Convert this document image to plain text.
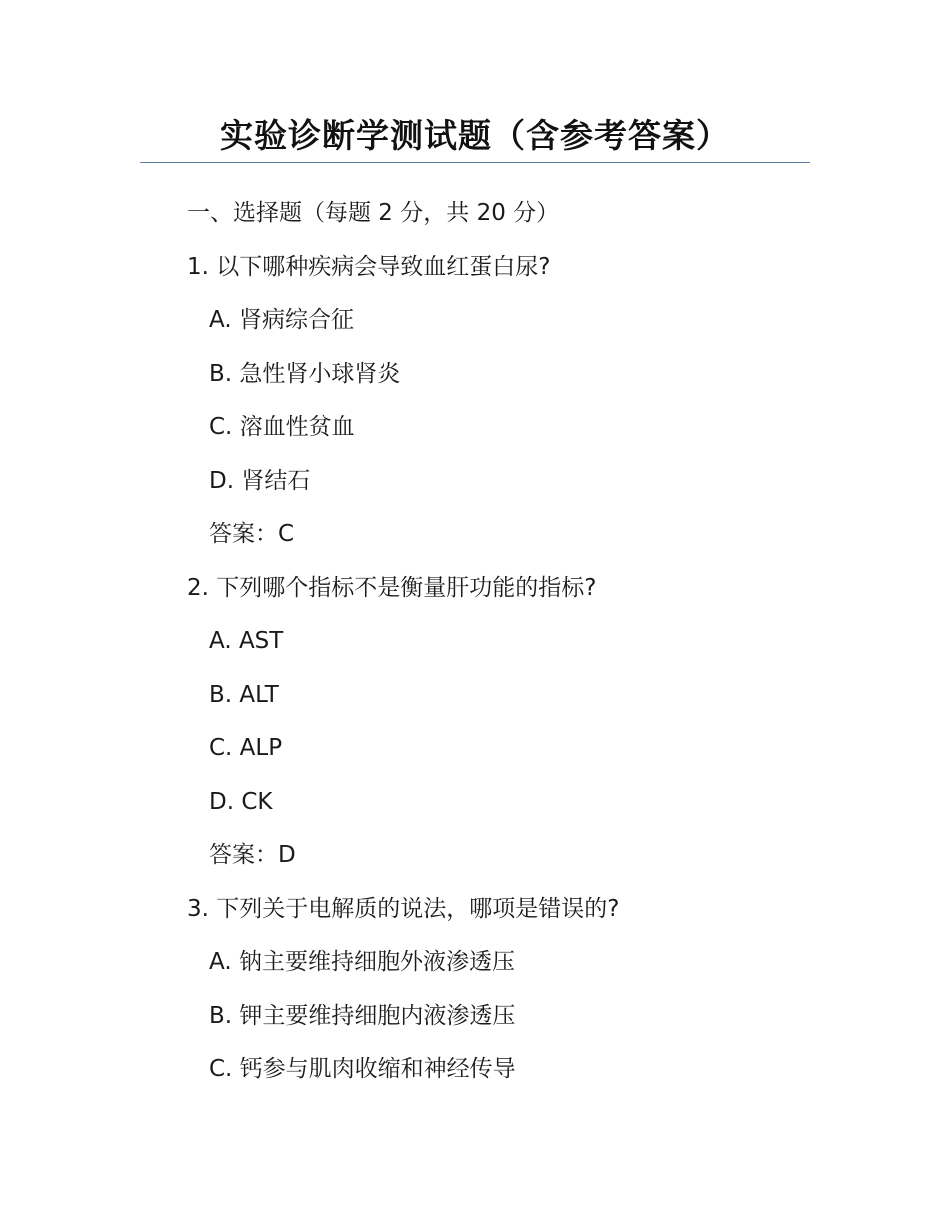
实验诊断学测试题（含参考答案）
一、选择题（每题 2 分，共 20 分）
1. 以下哪种疾病会导致血红蛋白尿?
A. 肾病综合征
B. 急性肾小球肾炎
C. 溶血性贫血
D. 肾结石
答案：C
2. 下列哪个指标不是衡量肝功能的指标?
A. AST
B. ALT
C. ALP
D. CK
答案：D
3. 下列关于电解质的说法，哪项是错误的?
A. 钠主要维持细胞外液渗透压
B. 钾主要维持细胞内液渗透压
C. 钙参与肌肉收缩和神经传导
